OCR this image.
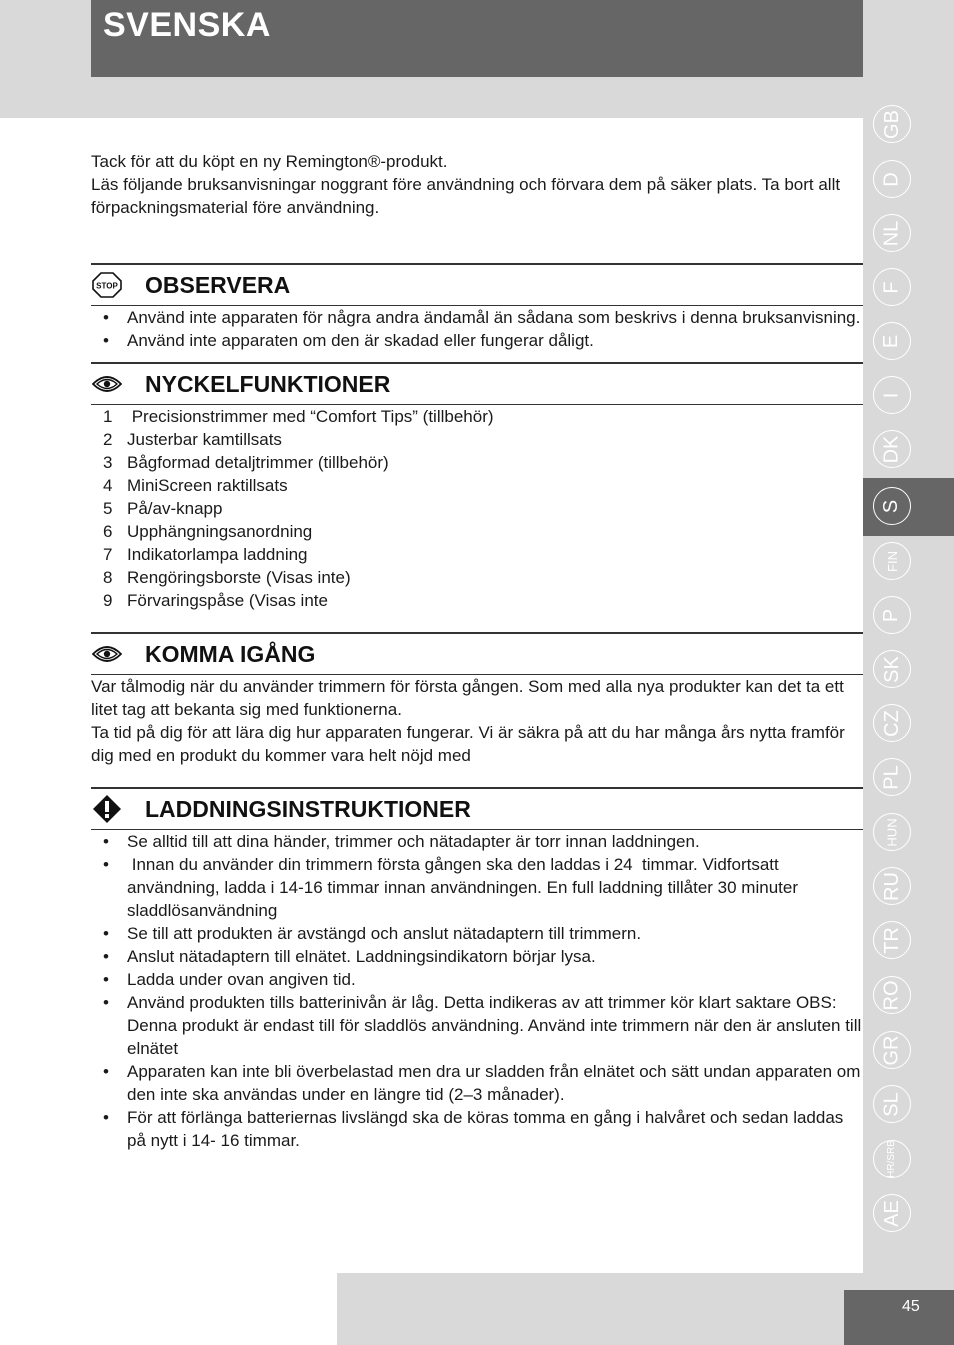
SVENSKA

Tack för att du köpt en ny Remington®-produkt.

Läs följande bruksanvisningar noggrant före användning och förvara dem på säker plats. Ta bort allt förpackningsmaterial före användning.

STOP OBSERVERA
• Använd inte apparaten för några andra ändamål än sådana som beskrivs i denna bruksanvisning.
• Använd inte apparaten om den är skadad eller fungerar dåligt.
NYCKELFUNKTIONER
1 Precisionstrimmer med “Comfort Tips” (tillbehör)
2 Justerbar kamtillsats
3 Bågformad detaljtrimmer (tillbehör)
4 MiniScreen raktillsats
5 På/av-knapp
6 Upphängningsanordning
7 Indikatorlampa laddning
8 Rengöringsborste (Visas inte)
9 Förvaringspåse (Visas inte
KOMMA IGÅNG

Var tålmodig när du använder trimmern för första gången. Som med alla nya produkter kan det ta ett litet tag att bekanta sig med funktionerna.

Ta tid på dig för att lära dig hur apparaten fungerar. Vi är säkra på att du har många års nytta framför dig med en produkt du kommer vara helt nöjd med

LADDNINGSINSTRUKTIONER
• Se alltid till att dina händer, trimmer och nätadapter är torr innan laddningen.
•  Innan du använder din trimmern första gången ska den laddas i 24  timmar. Vidfortsatt användning, ladda i 14-16 timmar innan användningen. En full laddning tillåter 30 minuter sladdlösanvändning
• Se till att produkten är avstängd och anslut nätadaptern till trimmern.
• Anslut nätadaptern till elnätet. Laddningsindikatorn börjar lysa.
• Ladda under ovan angiven tid.
• Använd produkten tills batterinivån är låg. Detta indikeras av att trimmer kör klart saktare OBS: Denna produkt är endast till för sladdlös användning. Använd inte trimmern när den är ansluten till elnätet
• Apparaten kan inte bli överbelastad men dra ur sladden från elnätet och sätt undan apparaten om den inte ska användas under en längre tid (2–3 månader).
• För att förlänga batteriernas livslängd ska de köras tomma en gång i halvåret och sedan laddas på nytt i 14- 16 timmar.
GB
D
NL
F
E
I
DK
S
FIN
P
SK
CZ
PL
HUN
RU
TR
RO
GR
SL
HR/SRB
AE
45
